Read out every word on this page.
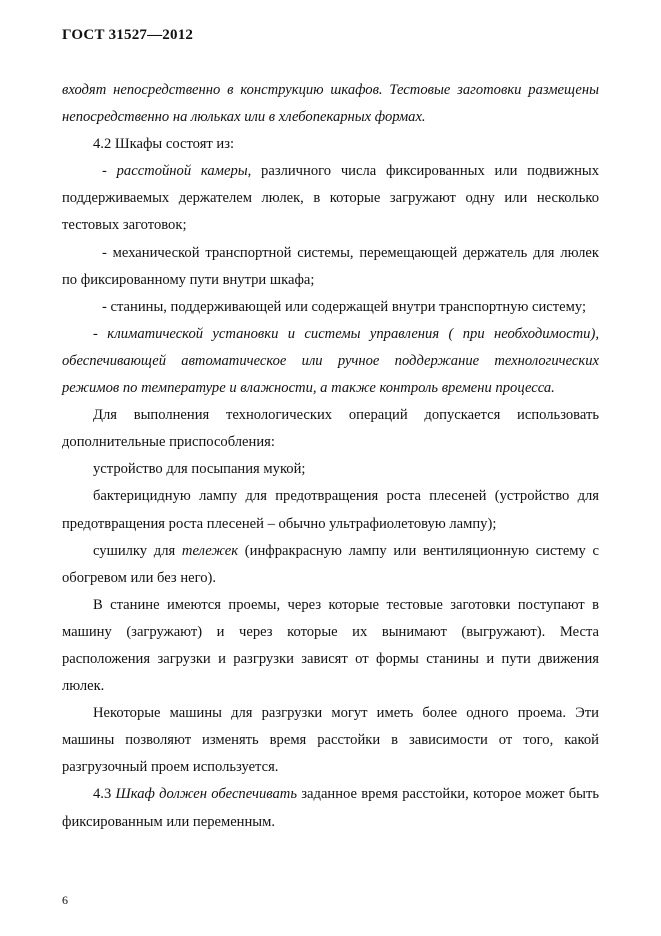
ГОСТ 31527—2012

входят непосредственно в конструкцию шкафов. Тестовые заготовки размещены непосредственно на люльках или в хлебопекарных формах.

4.2 Шкафы состоят из:

- расстойной камеры, различного числа фиксированных или подвижных поддерживаемых держателем люлек, в которые загружают одну или несколько тестовых заготовок;

- механической транспортной системы, перемещающей держатель для люлек по фиксированному пути внутри шкафа;

- станины, поддерживающей или содержащей внутри транспортную систему;

- климатической установки и системы управления ( при необходимости), обеспечивающей автоматическое или ручное поддержание технологических режимов по температуре и влажности, а также контроль времени процесса.

Для выполнения технологических операций допускается использовать дополнительные приспособления:

устройство для посыпания мукой;

бактерицидную лампу для предотвращения роста плесеней (устройство для предотвращения роста плесеней – обычно ультрафиолетовую лампу);

сушилку для тележек (инфракрасную лампу или вентиляционную систему с обогревом или без него).

В станине имеются проемы, через которые тестовые заготовки поступают в машину (загружают) и через которые их вынимают (выгружают). Места расположения загрузки и разгрузки зависят от формы станины и пути движения люлек.

Некоторые машины для разгрузки могут иметь более одного проема. Эти машины позволяют изменять время расстойки в зависимости от того, какой разгрузочный проем используется.

4.3 Шкаф должен обеспечивать заданное время расстойки, которое может быть фиксированным или переменным.

6
